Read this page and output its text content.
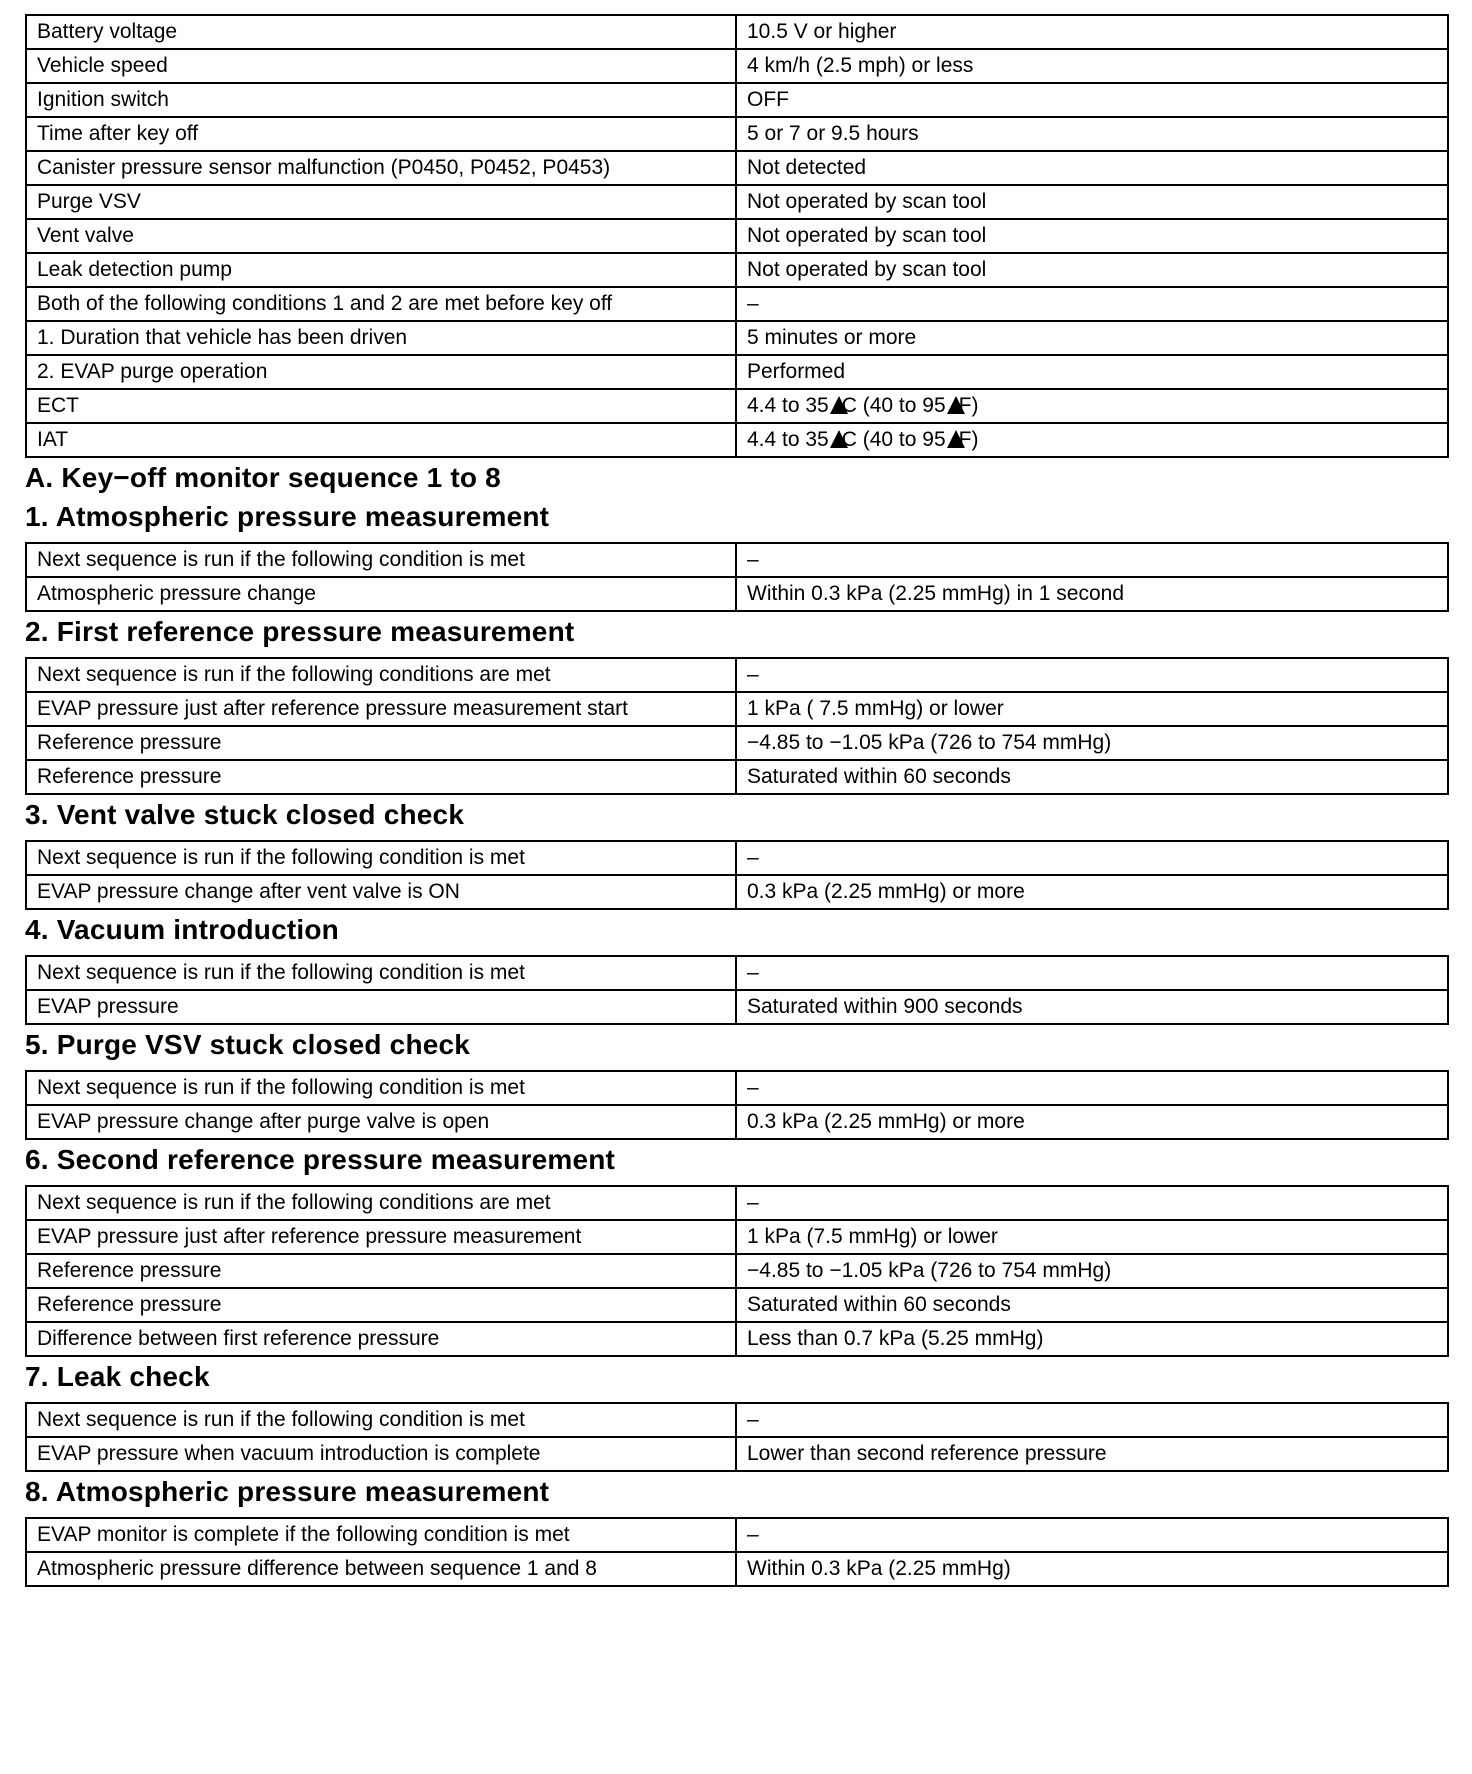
Battery voltage	10.5 V or higher
Vehicle speed	4 km/h (2.5 mph) or less
Ignition switch	OFF
Time after key off	5 or 7 or 9.5 hours
Canister pressure sensor malfunction (P0450, P0452, P0453)	Not detected
Purge VSV	Not operated by scan tool
Vent valve	Not operated by scan tool
Leak detection pump	Not operated by scan tool
Both of the following conditions 1 and 2 are met before key off	–
1. Duration that vehicle has been driven	5 minutes or more
2. EVAP purge operation	Performed
ECT	4.4 to 35 C (40 to 95 F)
IAT	4.4 to 35 C (40 to 95 F)
A. Key−off monitor sequence 1 to 8
1. Atmospheric pressure measurement
Next sequence is run if the following condition is met	–
Atmospheric pressure change	Within 0.3 kPa (2.25 mmHg) in 1 second
2. First reference pressure measurement
Next sequence is run if the following conditions are met	–
EVAP pressure just after reference pressure measurement start	1 kPa ( 7.5 mmHg) or lower
Reference pressure	−4.85 to −1.05 kPa (726 to 754 mmHg)
Reference pressure	Saturated within 60 seconds
3. Vent valve stuck closed check
Next sequence is run if the following condition is met	–
EVAP pressure change after vent valve is ON	0.3 kPa (2.25 mmHg) or more
4. Vacuum introduction
Next sequence is run if the following condition is met	–
EVAP pressure	Saturated within 900 seconds
5. Purge VSV stuck closed check
Next sequence is run if the following condition is met	–
EVAP pressure change after purge valve is open	0.3 kPa (2.25 mmHg) or more
6. Second reference pressure measurement
Next sequence is run if the following conditions are met	–
EVAP pressure just after reference pressure measurement	1 kPa (7.5 mmHg) or lower
Reference pressure	−4.85 to −1.05 kPa (726 to 754 mmHg)
Reference pressure	Saturated within 60 seconds
Difference between first reference pressure	Less than 0.7 kPa (5.25 mmHg)
7. Leak check
Next sequence is run if the following condition is met	–
EVAP pressure when vacuum introduction is complete	Lower than second reference pressure
8. Atmospheric pressure measurement
EVAP monitor is complete if the following condition is met	–
Atmospheric pressure difference between sequence 1 and 8	Within 0.3 kPa (2.25 mmHg)
